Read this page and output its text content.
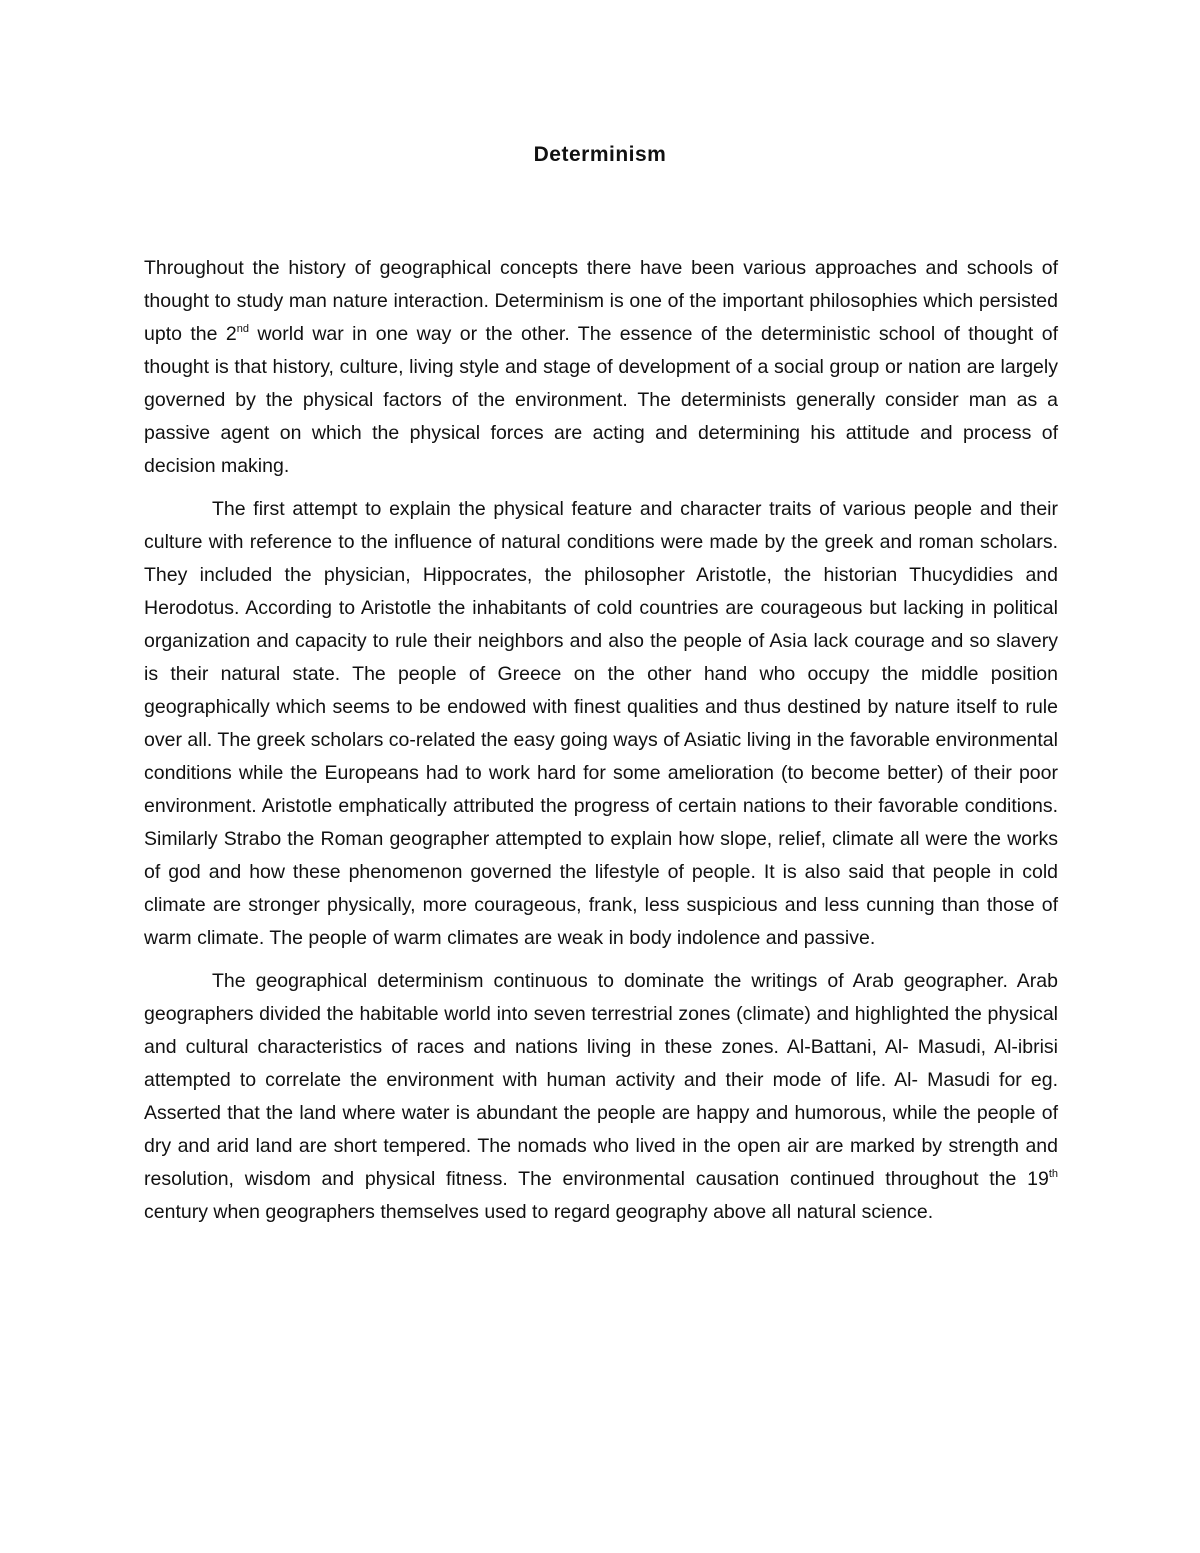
Determinism

Throughout the history of geographical concepts there have been various approaches and schools of thought to study man nature interaction. Determinism is one of the important philosophies which persisted upto the 2nd world war in one way or the other. The essence of the deterministic school of thought of thought is that history, culture, living style and stage of development of a social group or nation are largely governed by the physical factors of the environment. The determinists generally consider man as a passive agent on which the physical forces are acting and determining his attitude and process of decision making.

The first attempt to explain the physical feature and character traits of various people and their culture with reference to the influence of natural conditions were made by the greek and roman scholars. They included the physician, Hippocrates, the philosopher Aristotle, the historian Thucydidies and Herodotus. According to Aristotle the inhabitants of cold countries are courageous but lacking in political organization and capacity to rule their neighbors and also the people of Asia lack courage and so slavery is their natural state. The people of Greece on the other hand who occupy the middle position geographically which seems to be endowed with finest qualities and thus destined by nature itself to rule over all. The greek scholars co-related the easy going ways of Asiatic living in the favorable environmental conditions while the Europeans had to work hard for some amelioration (to become better) of their poor environment. Aristotle emphatically attributed the progress of certain nations to their favorable conditions. Similarly Strabo the Roman geographer attempted to explain how slope, relief, climate all were the works of god and how these phenomenon governed the lifestyle of people. It is also said that people in cold climate are stronger physically, more courageous, frank, less suspicious and less cunning than those of warm climate. The people of warm climates are weak in body indolence and passive.

The geographical determinism continuous to dominate the writings of Arab geographer. Arab geographers divided the habitable world into seven terrestrial zones (climate) and highlighted the physical and cultural characteristics of races and nations living in these zones. Al-Battani, Al- Masudi, Al-ibrisi attempted to correlate the environment with human activity and their mode of life. Al- Masudi for eg. Asserted that the land where water is abundant the people are happy and humorous, while the people of dry and arid land are short tempered. The nomads who lived in the open air are marked by strength and resolution, wisdom and physical fitness. The environmental causation continued throughout the 19th century when geographers themselves used to regard geography above all natural science.
